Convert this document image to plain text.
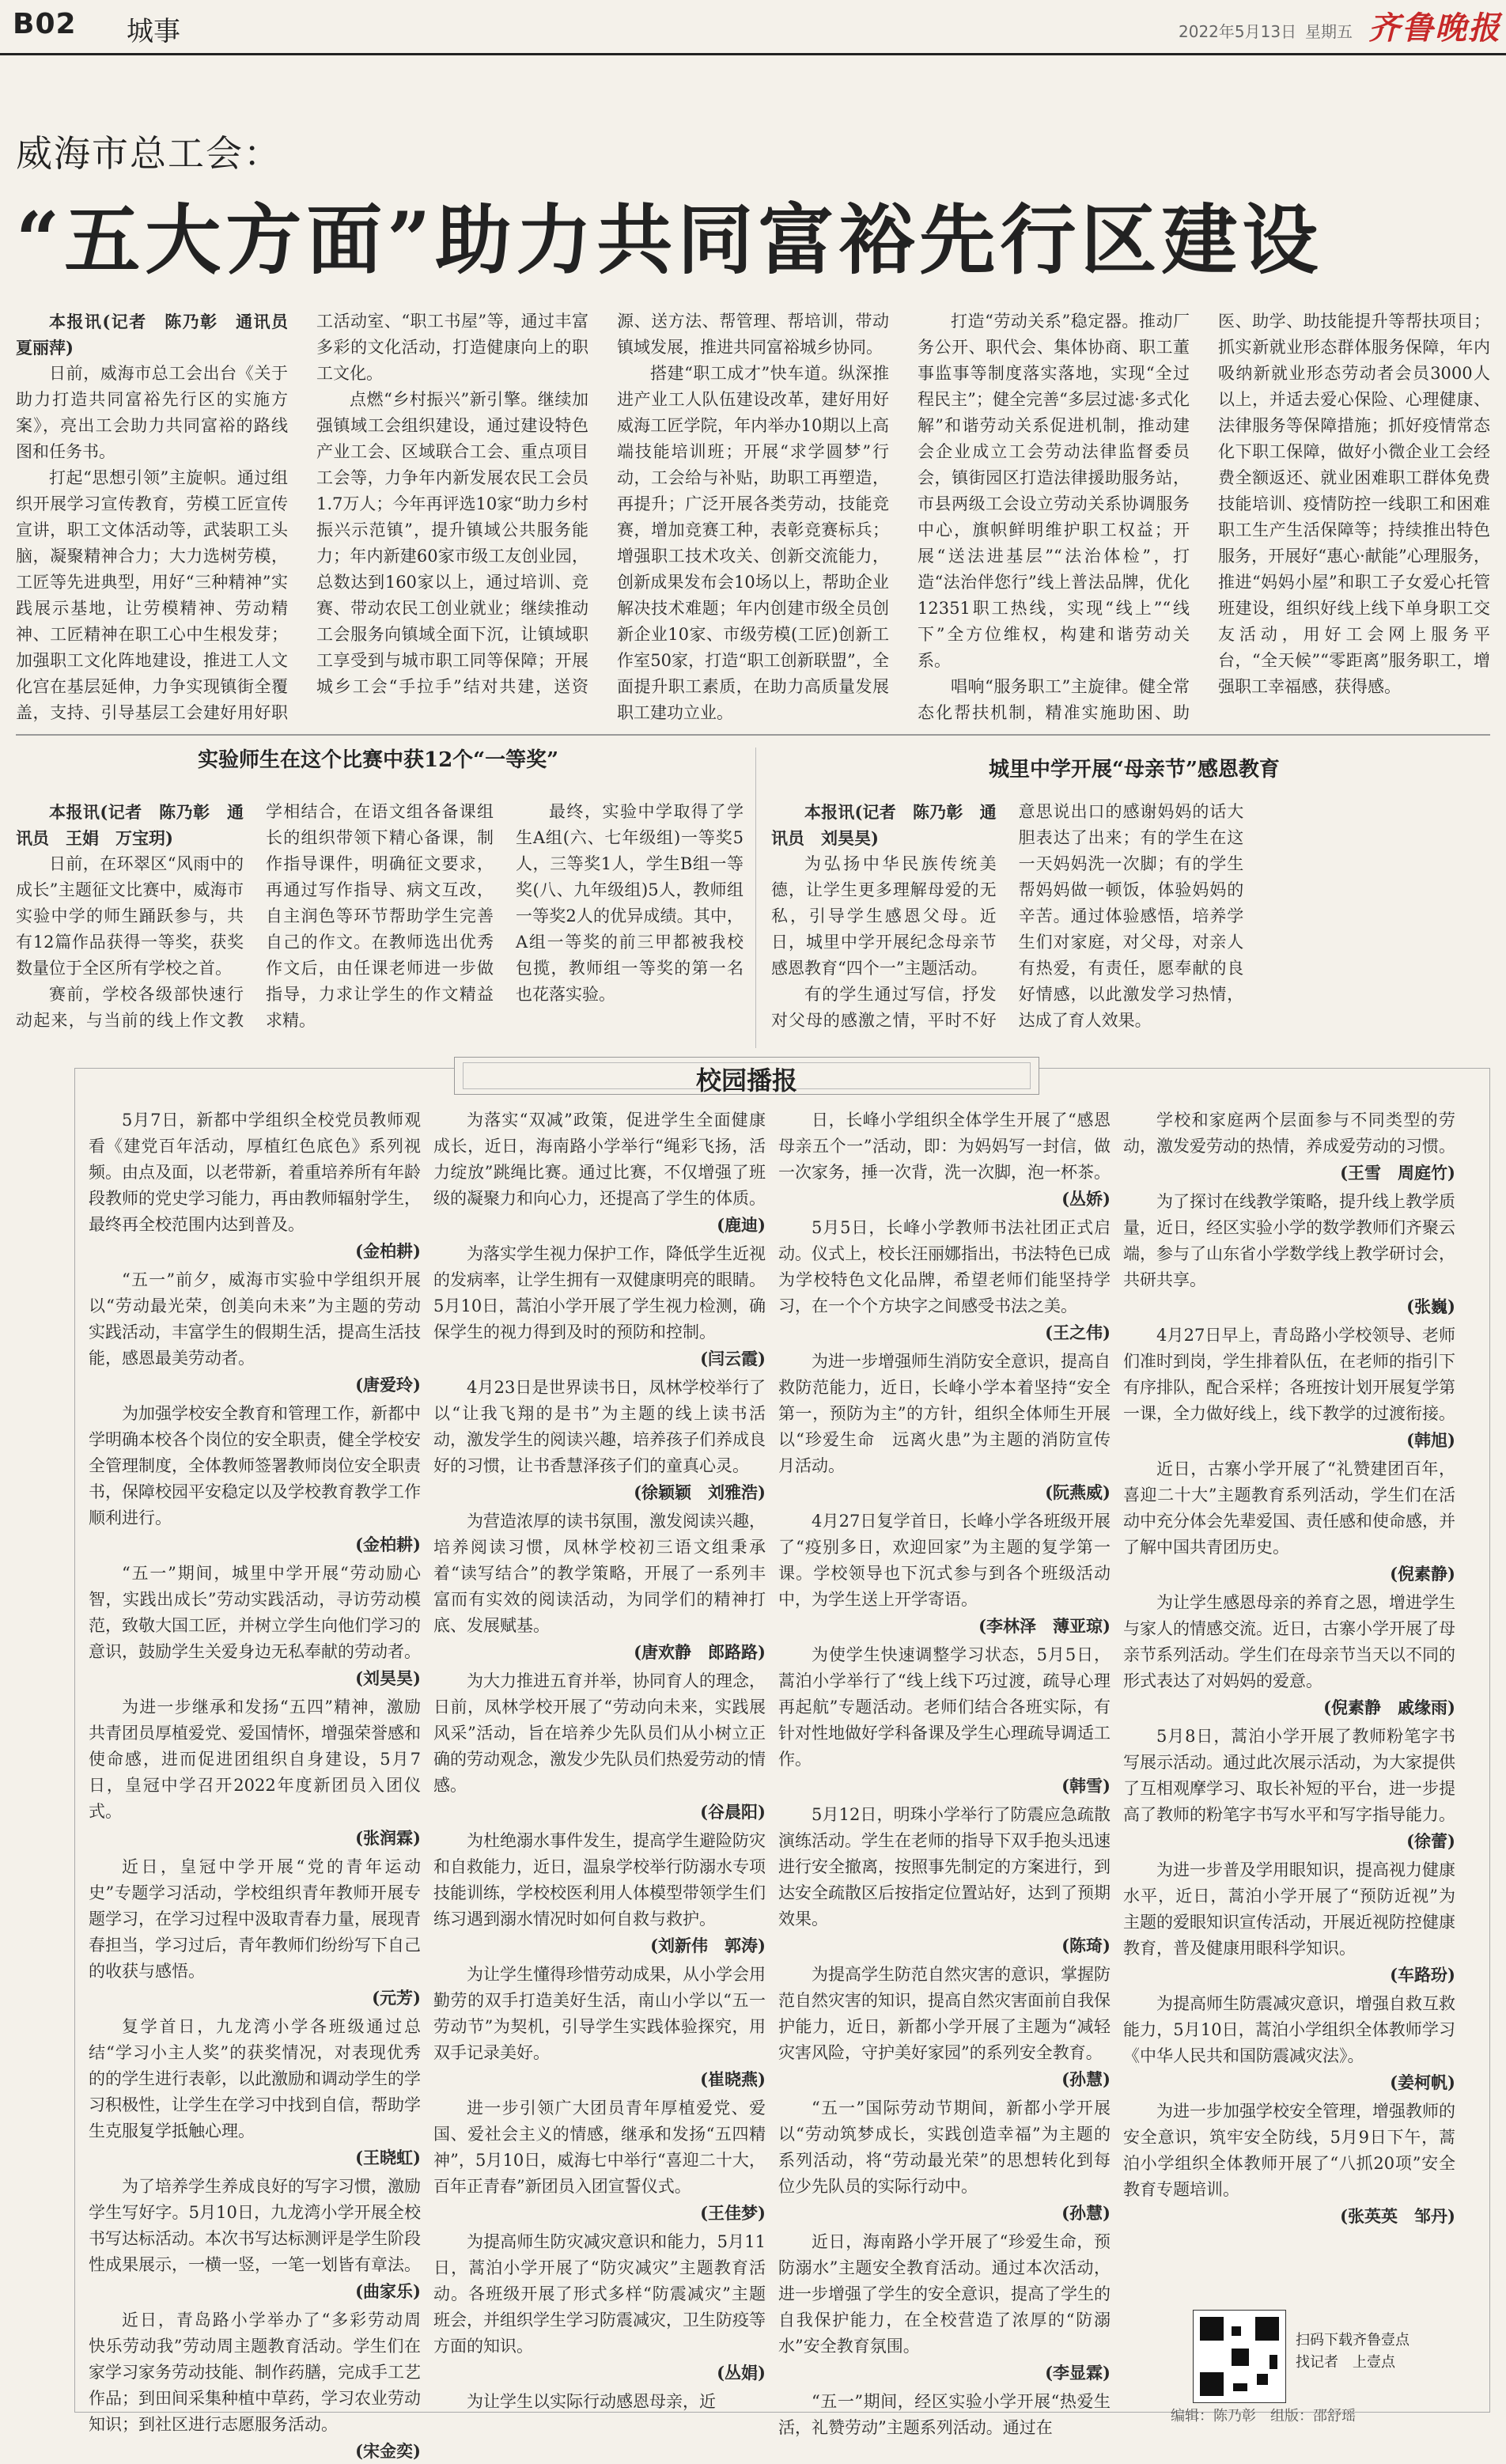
B02 城事	2022年5月13日 星期五 齐鲁晚报
威海市总工会：
“五大方面”助力共同富裕先行区建设

本报讯(记者　陈乃彰　通讯员　夏丽萍)

日前，威海市总工会出台《关于助力打造共同富裕先行区的实施方案》，亮出工会助力共同富裕的路线图和任务书。

打起“思想引领”主旋帜。通过组织开展学习宣传教育，劳模工匠宣传宣讲，职工文体活动等，武装职工头脑，凝聚精神合力；大力选树劳模，工匠等先进典型，用好“三种精神”实践展示基地，让劳模精神、劳动精神、工匠精神在职工心中生根发芽；加强职工文化阵地建设，推进工人文化宫在基层延伸，力争实现镇街全覆盖，支持、引导基层工会建好用好职工活动室、“职工书屋”等，通过丰富多彩的文化活动，打造健康向上的职工文化。

点燃“乡村振兴”新引擎。继续加强镇域工会组织建设，通过建设特色产业工会、区域联合工会、重点项目工会等，力争年内新发展农民工会员1.7万人；今年再评选10家“助力乡村振兴示范镇”，提升镇域公共服务能力；年内新建60家市级工友创业园，总数达到160家以上，通过培训、竞赛、带动农民工创业就业；继续推动工会服务向镇域全面下沉，让镇域职工享受到与城市职工同等保障；开展城乡工会“手拉手”结对共建，送资源、送方法、帮管理、帮培训，带动镇域发展，推进共同富裕城乡协同。

搭建“职工成才”快车道。纵深推进产业工人队伍建设改革，建好用好威海工匠学院，年内举办10期以上高端技能培训班；开展“求学圆梦”行动，工会给与补贴，助职工再塑造，再提升；广泛开展各类劳动，技能竞赛，增加竞赛工种，表彰竞赛标兵；增强职工技术攻关、创新交流能力，创新成果发布会10场以上，帮助企业解决技术难题；年内创建市级全员创新企业10家、市级劳模(工匠)创新工作室50家，打造“职工创新联盟”，全面提升职工素质，在助力高质量发展职工建功立业。

打造“劳动关系”稳定器。推动厂务公开、职代会、集体协商、职工董事监事等制度落实落地，实现“全过程民主”；健全完善“多层过滤·多式化解”和谐劳动关系促进机制，推动建会企业成立工会劳动法律监督委员会，镇街园区打造法律援助服务站，市县两级工会设立劳动关系协调服务中心，旗帜鲜明维护职工权益；开展“送法进基层”“法治体检”，打造“法治伴您行”线上普法品牌，优化12351职工热线，实现“线上”“线下”全方位维权，构建和谐劳动关系。

唱响“服务职工”主旋律。健全常态化帮扶机制，精准实施助困、助医、助学、助技能提升等帮扶项目；抓实新就业形态群体服务保障，年内吸纳新就业形态劳动者会员3000人以上，并适去爱心保险、心理健康、法律服务等保障措施；抓好疫情常态化下职工保障，做好小微企业工会经费全额返还、就业困难职工群体免费技能培训、疫情防控一线职工和困难职工生产生活保障等；持续推出特色服务，开展好“惠心·献能”心理服务，推进“妈妈小屋”和职工子女爱心托管班建设，组织好线上线下单身职工交友活动，用好工会网上服务平台，“全天候”“零距离”服务职工，增强职工幸福感，获得感。

实验师生在这个比赛中获12个“一等奖”

本报讯(记者　陈乃彰　通讯员　王娟　万宝玥)

日前，在环翠区“风雨中的成长”主题征文比赛中，威海市实验中学的师生踊跃参与，共有12篇作品获得一等奖，获奖数量位于全区所有学校之首。

赛前，学校各级部快速行动起来，与当前的线上作文教学相结合，在语文组各备课组长的组织带领下精心备课，制作指导课件，明确征文要求，再通过写作指导、病文互改，自主润色等环节帮助学生完善自己的作文。在教师选出优秀作文后，由任课老师进一步做指导，力求让学生的作文精益求精。

最终，实验中学取得了学生A组(六、七年级组)一等奖5人，三等奖1人，学生B组一等奖(八、九年级组)5人，教师组一等奖2人的优异成绩。其中，A组一等奖的前三甲都被我校包揽，教师组一等奖的第一名也花落实验。

城里中学开展“母亲节”感恩教育

本报讯(记者　陈乃彰　通讯员　刘昊昊)

为弘扬中华民族传统美德，让学生更多理解母爱的无私，引导学生感恩父母。近日，城里中学开展纪念母亲节感恩教育“四个一”主题活动。

有的学生通过写信，抒发对父母的感激之情，平时不好意思说出口的感谢妈妈的话大胆表达了出来；有的学生在这一天妈妈洗一次脚；有的学生帮妈妈做一顿饭，体验妈妈的辛苦。通过体验感悟，培养学生们对家庭，对父母，对亲人有热爱，有责任，愿奉献的良好情感，以此激发学习热情，达成了育人效果。

校园播报

5月7日，新都中学组织全校党员教师观看《建党百年活动，厚植红色底色》系列视频。由点及面，以老带新，着重培养所有年龄段教师的党史学习能力，再由教师辐射学生，最终再全校范围内达到普及。

(金柏耕)

“五一”前夕，威海市实验中学组织开展以“劳动最光荣，创美向未来”为主题的劳动实践活动，丰富学生的假期生活，提高生活技能，感恩最美劳动者。

(唐爱玲)

为加强学校安全教育和管理工作，新都中学明确本校各个岗位的安全职责，健全学校安全管理制度，全体教师签署教师岗位安全职责书，保障校园平安稳定以及学校教育教学工作顺利进行。

(金柏耕)

“五一”期间，城里中学开展“劳动励心智，实践出成长”劳动实践活动，寻访劳动模范，致敬大国工匠，并树立学生向他们学习的意识，鼓励学生关爱身边无私奉献的劳动者。

(刘昊昊)

为进一步继承和发扬“五四”精神，激励共青团员厚植爱党、爱国情怀，增强荣誉感和使命感，进而促进团组织自身建设，5月7日，皇冠中学召开2022年度新团员入团仪式。

(张润霖)

近日，皇冠中学开展“党的青年运动史”专题学习活动，学校组织青年教师开展专题学习，在学习过程中汲取青春力量，展现青春担当，学习过后，青年教师们纷纷写下自己的收获与感悟。

(元芳)

复学首日，九龙湾小学各班级通过总结“学习小主人奖”的获奖情况，对表现优秀的的学生进行表彰，以此激励和调动学生的学习积极性，让学生在学习中找到自信，帮助学生克服复学抵触心理。

(王晓虹)

为了培养学生养成良好的写字习惯，激励学生写好字。5月10日，九龙湾小学开展全校书写达标活动。本次书写达标测评是学生阶段性成果展示，一横一竖，一笔一划皆有章法。

(曲家乐)

近日，青岛路小学举办了“多彩劳动周　快乐劳动我”劳动周主题教育活动。学生们在家学习家务劳动技能、制作药膳，完成手工艺作品；到田间采集种植中草药，学习农业劳动知识；到社区进行志愿服务活动。

(宋金奕)

为落实“双减”政策，促进学生全面健康成长，近日，海南路小学举行“绳彩飞扬，活力绽放”跳绳比赛。通过比赛，不仅增强了班级的凝聚力和向心力，还提高了学生的体质。

(鹿迪)

为落实学生视力保护工作，降低学生近视的发病率，让学生拥有一双健康明亮的眼睛。5月10日，蒿泊小学开展了学生视力检测，确保学生的视力得到及时的预防和控制。

(闫云霞)

4月23日是世界读书日，凤林学校举行了以“让我飞翔的是书”为主题的线上读书活动，激发学生的阅读兴趣，培养孩子们养成良好的习惯，让书香慧泽孩子们的童真心灵。

(徐颖颖　刘雅浩)

为营造浓厚的读书氛围，激发阅读兴趣，培养阅读习惯，凤林学校初三语文组秉承着“读写结合”的教学策略，开展了一系列丰富而有实效的阅读活动，为同学们的精神打底、发展赋基。

(唐欢静　郎路路)

为大力推进五育并举，协同育人的理念，日前，凤林学校开展了“劳动向未来，实践展风采”活动，旨在培养少先队员们从小树立正确的劳动观念，激发少先队员们热爱劳动的情感。

(谷晨阳)

为杜绝溺水事件发生，提高学生避险防灾和自救能力，近日，温泉学校举行防溺水专项技能训练，学校校医利用人体模型带领学生们练习遇到溺水情况时如何自救与救护。

(刘新伟　郭涛)

为让学生懂得珍惜劳动成果，从小学会用勤劳的双手打造美好生活，南山小学以“五一劳动节”为契机，引导学生实践体验探究，用双手记录美好。

(崔晓燕)

进一步引领广大团员青年厚植爱党、爱国、爱社会主义的情感，继承和发扬“五四精神”，5月10日，威海七中举行“喜迎二十大，百年正青春”新团员入团宣誓仪式。

(王佳梦)

为提高师生防灾减灾意识和能力，5月11日，蒿泊小学开展了“防灾减灾”主题教育活动。各班级开展了形式多样“防震减灾”主题班会，并组织学生学习防震减灾，卫生防疫等方面的知识。

(丛娟)

为让学生以实际行动感恩母亲，近

日，长峰小学组织全体学生开展了“感恩母亲五个一”活动，即：为妈妈写一封信，做一次家务，捶一次背，洗一次脚，泡一杯茶。

(丛娇)

5月5日，长峰小学教师书法社团正式启动。仪式上，校长汪丽娜指出，书法特色已成为学校特色文化品牌，希望老师们能坚持学习，在一个个方块字之间感受书法之美。

(王之伟)

为进一步增强师生消防安全意识，提高自救防范能力，近日，长峰小学本着坚持“安全第一，预防为主”的方针，组织全体师生开展以“珍爱生命　远离火患”为主题的消防宣传月活动。

(阮燕威)

4月27日复学首日，长峰小学各班级开展了“疫别多日，欢迎回家”为主题的复学第一课。学校领导也下沉式参与到各个班级活动中，为学生送上开学寄语。

(李林泽　薄亚琼)

为使学生快速调整学习状态，5月5日，蒿泊小学举行了“线上线下巧过渡，疏导心理再起航”专题活动。老师们结合各班实际，有针对性地做好学科备课及学生心理疏导调适工作。

(韩雪)

5月12日，明珠小学举行了防震应急疏散演练活动。学生在老师的指导下双手抱头迅速进行安全撤离，按照事先制定的方案进行，到达安全疏散区后按指定位置站好，达到了预期效果。

(陈琦)

为提高学生防范自然灾害的意识，掌握防范自然灾害的知识，提高自然灾害面前自我保护能力，近日，新都小学开展了主题为“减轻灾害风险，守护美好家园”的系列安全教育。

(孙慧)

“五一”国际劳动节期间，新都小学开展以“劳动筑梦成长，实践创造幸福”为主题的系列活动，将“劳动最光荣”的思想转化到每位少先队员的实际行动中。

(孙慧)

近日，海南路小学开展了“珍爱生命，预防溺水”主题安全教育活动。通过本次活动，进一步增强了学生的安全意识，提高了学生的自我保护能力，在全校营造了浓厚的“防溺水”安全教育氛围。

(李显霖)

“五一”期间，经区实验小学开展“热爱生活，礼赞劳动”主题系列活动。通过在

学校和家庭两个层面参与不同类型的劳动，激发爱劳动的热情，养成爱劳动的习惯。

(王雪　周庭竹)

为了探讨在线教学策略，提升线上教学质量，近日，经区实验小学的数学教师们齐聚云端，参与了山东省小学数学线上教学研讨会，共研共享。

(张巍)

4月27日早上，青岛路小学校领导、老师们准时到岗，学生排着队伍，在老师的指引下有序排队，配合采样；各班按计划开展复学第一课，全力做好线上，线下教学的过渡衔接。

(韩旭)

近日，古寨小学开展了“礼赞建团百年，喜迎二十大”主题教育系列活动，学生们在活动中充分体会先辈爱国、责任感和使命感，并了解中国共青团历史。

(倪素静)

为让学生感恩母亲的养育之恩，增进学生与家人的情感交流。近日，古寨小学开展了母亲节系列活动。学生们在母亲节当天以不同的形式表达了对妈妈的爱意。

(倪素静　戚缘雨)

5月8日，蒿泊小学开展了教师粉笔字书写展示活动。通过此次展示活动，为大家提供了互相观摩学习、取长补短的平台，进一步提高了教师的粉笔字书写水平和写字指导能力。

(徐蕾)

为进一步普及学用眼知识，提高视力健康水平，近日，蒿泊小学开展了“预防近视”为主题的爱眼知识宣传活动，开展近视防控健康教育，普及健康用眼科学知识。

(车路玢)

为提高师生防震减灾意识，增强自救互救能力，5月10日，蒿泊小学组织全体教师学习《中华人民共和国防震减灾法》。

(姜柯帆)

为进一步加强学校安全管理，增强教师的安全意识，筑牢安全防线，5月9日下午，蒿泊小学组织全体教师开展了“八抓20项”安全教育专题培训。

(张英英　邹丹)

扫码下载齐鲁壹点
找记者　上壹点
编辑：陈乃彰　组版：邵舒瑶
